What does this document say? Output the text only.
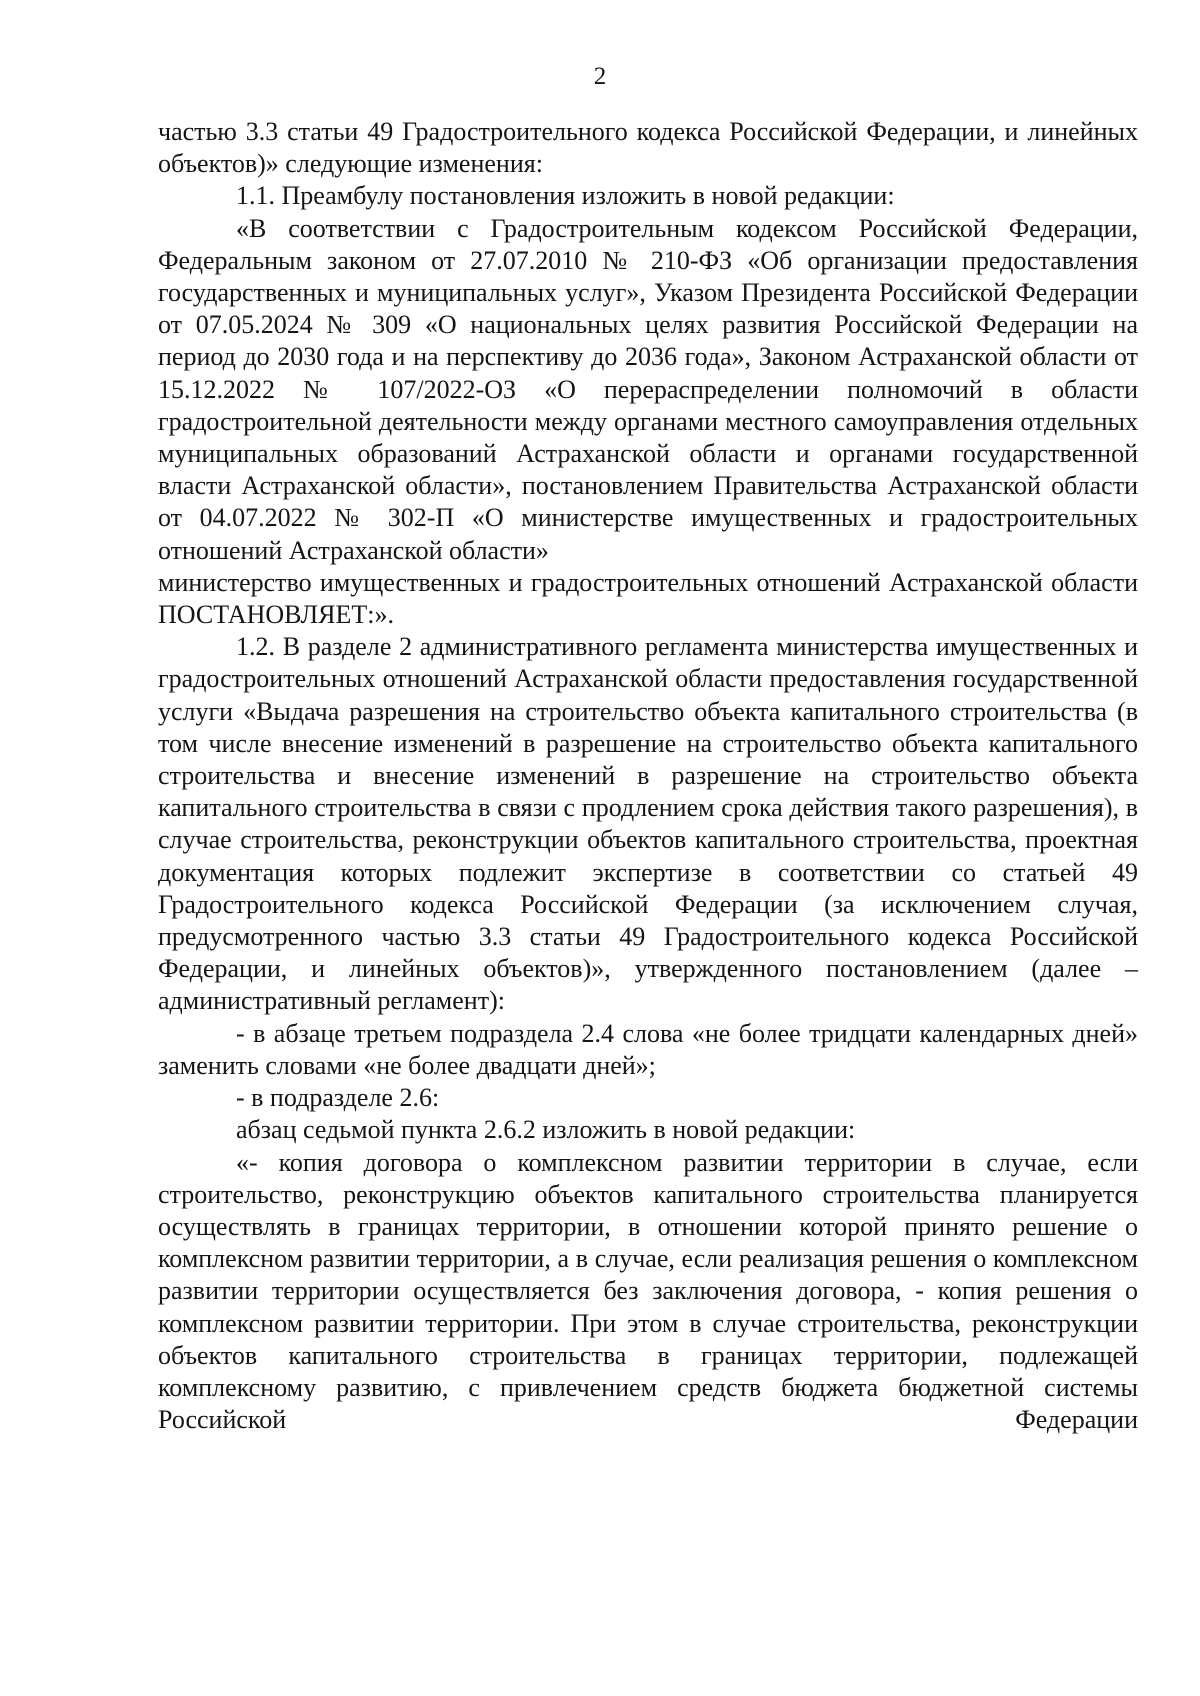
2

частью 3.3 статьи 49 Градостроительного кодекса Российской Федерации, и линейных объектов)» следующие изменения:

1.1. Преамбулу постановления изложить в новой редакции:

«В соответствии с Градостроительным кодексом Российской Федерации, Федеральным законом от 27.07.2010 № 210-ФЗ «Об организации предоставления государственных и муниципальных услуг», Указом Президента Российской Федерации от 07.05.2024 № 309 «О национальных целях развития Российской Федерации на период до 2030 года и на перспективу до 2036 года», Законом Астраханской области от 15.12.2022 № 107/2022-ОЗ «О перераспределении полномочий в области градостроительной деятельности между органами местного самоуправления отдельных муниципальных образований Астраханской области и органами государственной власти Астраханской области», постановлением Правительства Астраханской области от 04.07.2022 № 302-П «О министерстве имущественных и градостроительных отношений Астраханской области»

министерство имущественных и градостроительных отношений Астраханской области ПОСТАНОВЛЯЕТ:».

1.2. В разделе 2 административного регламента министерства имущественных и градостроительных отношений Астраханской области предоставления государственной услуги «Выдача разрешения на строительство объекта капитального строительства (в том числе внесение изменений в разрешение на строительство объекта капитального строительства и внесение изменений в разрешение на строительство объекта капитального строительства в связи с продлением срока действия такого разрешения), в случае строительства, реконструкции объектов капитального строительства, проектная документация которых подлежит экспертизе в соответствии со статьей 49 Градостроительного кодекса Российской Федерации (за исключением случая, предусмотренного частью 3.3 статьи 49 Градостроительного кодекса Российской Федерации, и линейных объектов)», утвержденного постановлением (далее – административный регламент):

- в абзаце третьем подраздела 2.4 слова «не более тридцати календарных дней» заменить словами «не более двадцати дней»;

- в подразделе 2.6:

абзац седьмой пункта 2.6.2 изложить в новой редакции:

«- копия договора о комплексном развитии территории в случае, если строительство, реконструкцию объектов капитального строительства планируется осуществлять в границах территории, в отношении которой принято решение о комплексном развитии территории, а в случае, если реализация решения о комплексном развитии территории осуществляется без заключения договора, - копия решения о комплексном развитии территории. При этом в случае строительства, реконструкции объектов капитального строительства в границах территории, подлежащей комплексному развитию, с привлечением средств бюджета бюджетной системы Российской Федерации
